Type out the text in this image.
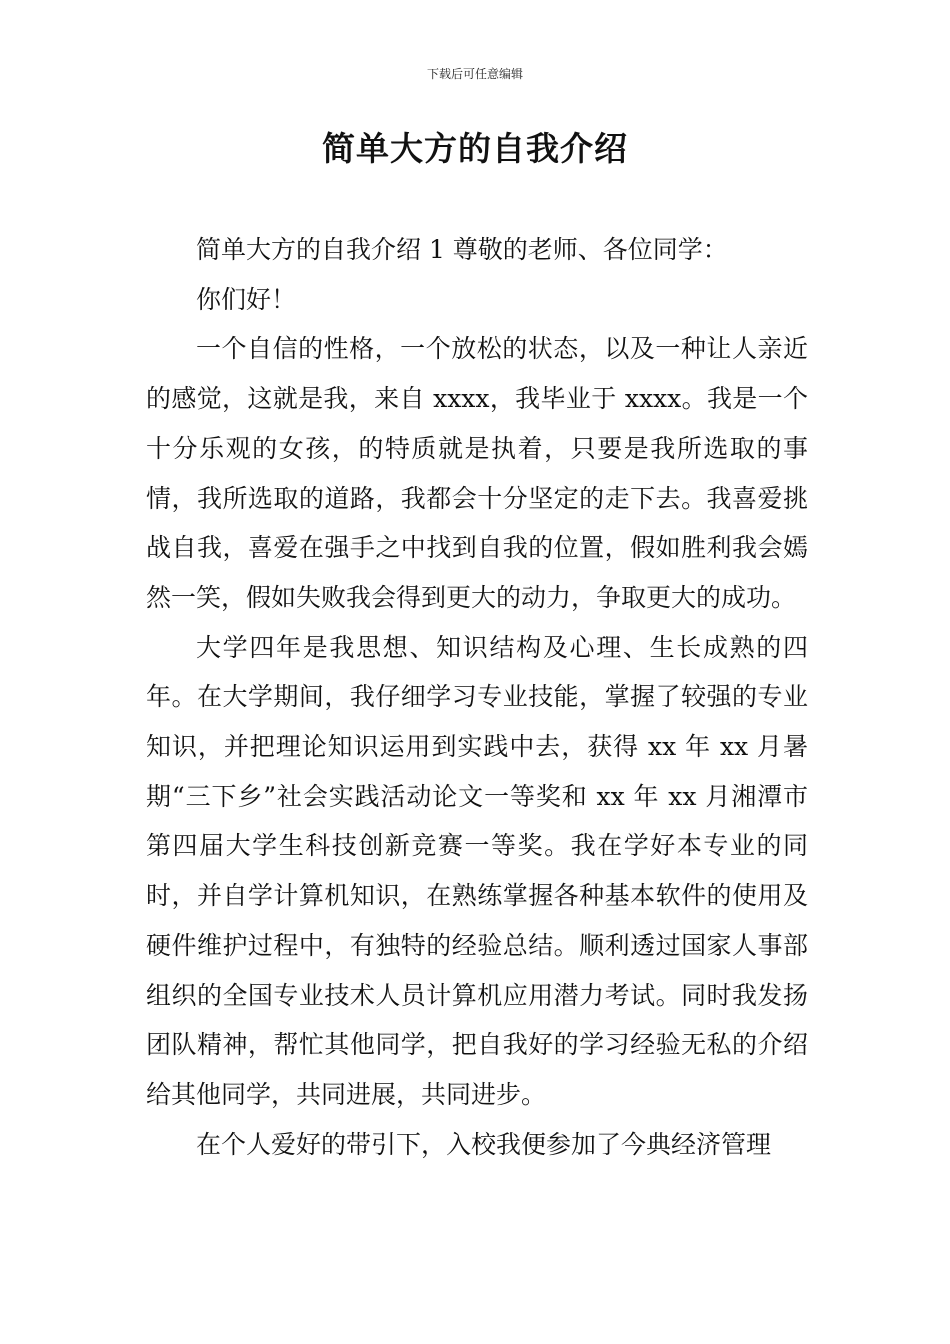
下载后可任意编辑
简单大方的自我介绍

简单大方的自我介绍 1 尊敬的老师、各位同学：

你们好！

一个自信的性格，一个放松的状态，以及一种让人亲近的感觉，这就是我，来自 xxxx，我毕业于 xxxx。我是一个十分乐观的女孩，的特质就是执着，只要是我所选取的事情，我所选取的道路，我都会十分坚定的走下去。我喜爱挑战自我，喜爱在强手之中找到自我的位置，假如胜利我会嫣然一笑，假如失败我会得到更大的动力，争取更大的成功。

大学四年是我思想、知识结构及心理、生长成熟的四年。在大学期间，我仔细学习专业技能，掌握了较强的专业知识，并把理论知识运用到实践中去，获得 xx 年 xx 月暑期“三下乡”社会实践活动论文一等奖和 xx 年 xx 月湘潭市第四届大学生科技创新竞赛一等奖。我在学好本专业的同时，并自学计算机知识，在熟练掌握各种基本软件的使用及硬件维护过程中，有独特的经验总结。顺利透过国家人事部组织的全国专业技术人员计算机应用潜力考试。同时我发扬团队精神，帮忙其他同学，把自我好的学习经验无私的介绍给其他同学，共同进展，共同进步。

在个人爱好的带引下，入校我便参加了今典经济管理
